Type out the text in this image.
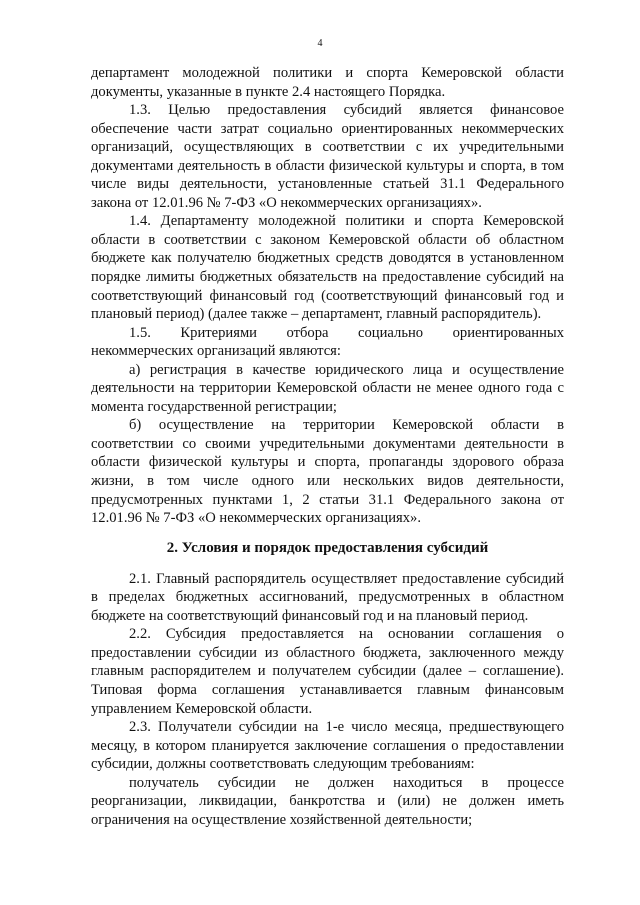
4

департамент молодежной политики и спорта Кемеровской области документы, указанные в пункте 2.4 настоящего Порядка.

1.3. Целью предоставления субсидий является финансовое обеспечение части затрат социально ориентированных некоммерческих организаций, осуществляющих в соответствии с их учредительными документами деятельность в области физической культуры и спорта, в том числе виды деятельности, установленные статьей 31.1 Федерального закона от 12.01.96 № 7-ФЗ «О некоммерческих организациях».

1.4. Департаменту молодежной политики и спорта Кемеровской области в соответствии с законом Кемеровской области об областном бюджете как получателю бюджетных средств доводятся в установленном порядке лимиты бюджетных обязательств на предоставление субсидий на соответствующий финансовый год (соответствующий финансовый год и плановый период) (далее также – департамент, главный распорядитель).

1.5. Критериями отбора социально ориентированных некоммерческих организаций являются:

а) регистрация в качестве юридического лица и осуществление деятельности на территории Кемеровской области не менее одного года с момента государственной регистрации;

б) осуществление на территории Кемеровской области в соответствии со своими учредительными документами деятельности в области физической культуры и спорта, пропаганды здорового образа жизни, в том числе одного или нескольких видов деятельности, предусмотренных пунктами 1, 2 статьи 31.1 Федерального закона от 12.01.96 № 7-ФЗ «О некоммерческих организациях».

2. Условия и порядок предоставления субсидий

2.1. Главный распорядитель осуществляет предоставление субсидий в пределах бюджетных ассигнований, предусмотренных в областном бюджете на соответствующий финансовый год и на плановый период.

2.2. Субсидия предоставляется на основании соглашения о предоставлении субсидии из областного бюджета, заключенного между главным распорядителем и получателем субсидии (далее – соглашение). Типовая форма соглашения устанавливается главным финансовым управлением Кемеровской области.

2.3. Получатели субсидии на 1-е число месяца, предшествующего месяцу, в котором планируется заключение соглашения о предоставлении субсидии, должны соответствовать следующим требованиям:

получатель субсидии не должен находиться в процессе реорганизации, ликвидации, банкротства и (или) не должен иметь ограничения на осуществление хозяйственной деятельности;
